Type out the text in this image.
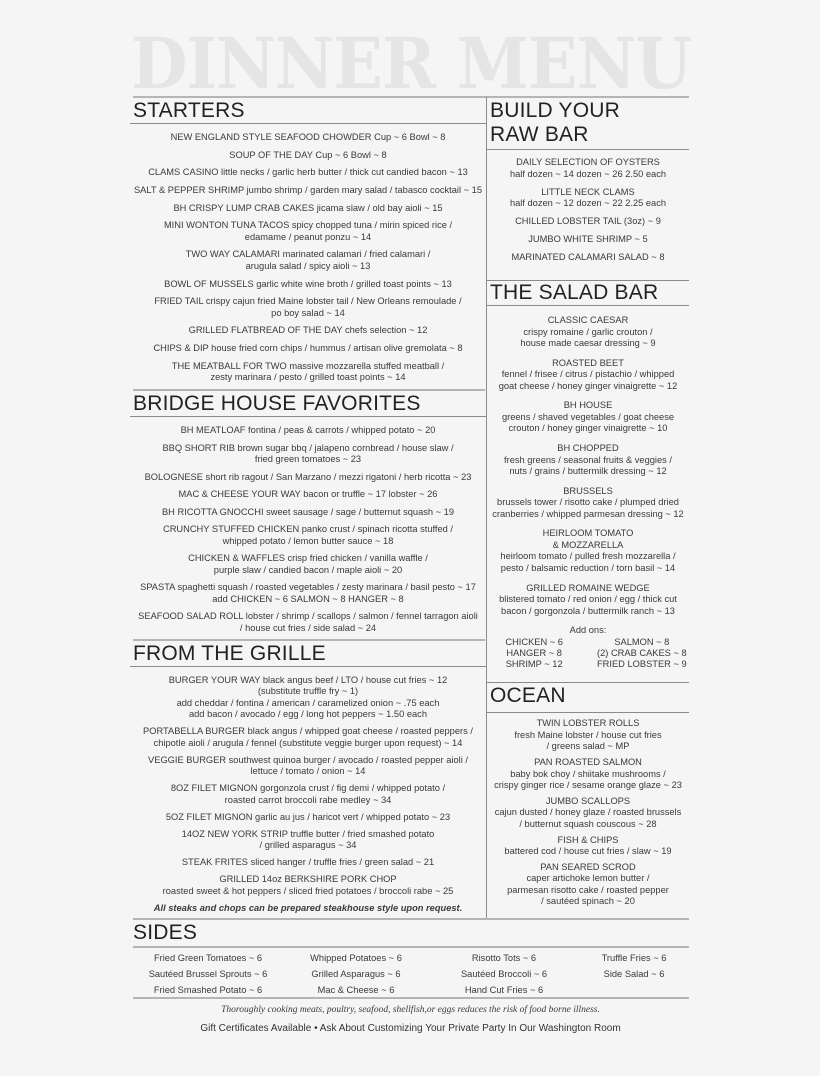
DINNER MENU
STARTERS
NEW ENGLAND STYLE SEAFOOD CHOWDER Cup ~ 6 Bowl ~ 8
SOUP OF THE DAY Cup ~ 6 Bowl ~ 8
CLAMS CASINO little necks / garlic herb butter / thick cut candied bacon ~ 13
SALT & PEPPER SHRIMP jumbo shrimp / garden mary salad / tabasco cocktail ~ 15
BH CRISPY LUMP CRAB CAKES jicama slaw / old bay aioli ~ 15
MINI WONTON TUNA TACOS spicy chopped tuna / mirin spiced rice /
edamame / peanut ponzu ~ 14
TWO WAY CALAMARI marinated calamari / fried calamari /
arugula salad / spicy aioli ~ 13
BOWL OF MUSSELS garlic white wine broth / grilled toast points ~ 13
FRIED TAIL crispy cajun fried Maine lobster tail / New Orleans remoulade /
po boy salad ~ 14
GRILLED FLATBREAD OF THE DAY chefs selection ~ 12
CHIPS & DIP house fried corn chips / hummus / artisan olive gremolata ~ 8
THE MEATBALL FOR TWO massive mozzarella stuffed meatball /
zesty marinara / pesto / grilled toast points ~ 14
BRIDGE HOUSE FAVORITES
BH MEATLOAF fontina / peas & carrots / whipped potato ~ 20
BBQ SHORT RIB brown sugar bbq / jalapeno cornbread / house slaw /
fried green tomatoes ~ 23
BOLOGNESE short rib ragout / San Marzano / mezzi rigatoni / herb ricotta ~ 23
MAC & CHEESE YOUR WAY bacon or truffle ~ 17 lobster ~ 26
BH RICOTTA GNOCCHI sweet sausage / sage / butternut squash ~ 19
CRUNCHY STUFFED CHICKEN panko crust / spinach ricotta stuffed /
whipped potato / lemon butter sauce ~ 18
CHICKEN & WAFFLES crisp fried chicken / vanilla waffle /
purple slaw / candied bacon / maple aioli ~ 20
SPASTA spaghetti squash / roasted vegetables / zesty marinara / basil pesto ~ 17
add CHICKEN ~ 6 SALMON ~ 8 HANGER ~ 8
SEAFOOD SALAD ROLL lobster / shrimp / scallops / salmon / fennel tarragon aioli
/ house cut fries / side salad ~ 24
FROM THE GRILLE
BURGER YOUR WAY black angus beef / LTO / house cut fries ~ 12
(substitute truffle fry ~ 1)
add cheddar / fontina / american / caramelized onion ~ .75 each
add bacon / avocado / egg / long hot peppers ~ 1.50 each
PORTABELLA BURGER black angus / whipped goat cheese / roasted peppers /
chipotle aioli / arugula / fennel (substitute veggie burger upon request) ~ 14
VEGGIE BURGER southwest quinoa burger / avocado / roasted pepper aioli /
lettuce / tomato / onion ~ 14
8OZ FILET MIGNON gorgonzola crust / fig demi / whipped potato /
roasted carrot broccoli rabe medley ~ 34
5OZ FILET MIGNON garlic au jus / haricot vert / whipped potato ~ 23
14OZ NEW YORK STRIP truffle butter / fried smashed potato
/ grilled asparagus ~ 34
STEAK FRITES sliced hanger / truffle fries / green salad ~ 21
GRILLED 14oz BERKSHIRE PORK CHOP
roasted sweet & hot peppers / sliced fried potatoes / broccoli rabe ~ 25
All steaks and chops can be prepared steakhouse style upon request.
BUILD YOUR
RAW BAR
DAILY SELECTION OF OYSTERS
half dozen ~ 14 dozen ~ 26 2.50 each
LITTLE NECK CLAMS
half dozen ~ 12 dozen ~ 22 2.25 each
CHILLED LOBSTER TAIL (3oz) ~ 9
JUMBO WHITE SHRIMP ~ 5
MARINATED CALAMARI SALAD ~ 8
THE SALAD BAR
CLASSIC CAESAR
crispy romaine / garlic crouton /
house made caesar dressing ~ 9
ROASTED BEET
fennel / frisee / citrus / pistachio / whipped
goat cheese / honey ginger vinaigrette ~ 12
BH HOUSE
greens / shaved vegetables / goat cheese
crouton / honey ginger vinaigrette ~ 10
BH CHOPPED
fresh greens / seasonal fruits & veggies /
nuts / grains / buttermilk dressing ~ 12
BRUSSELS
brussels tower / risotto cake / plumped dried
cranberries / whipped parmesan dressing ~ 12
HEIRLOOM TOMATO
& MOZZARELLA
heirloom tomato / pulled fresh mozzarella /
pesto / balsamic reduction / torn basil ~ 14
GRILLED ROMAINE WEDGE
blistered tomato / red onion / egg / thick cut
bacon / gorgonzola / buttermilk ranch ~ 13
Add ons:
CHICKEN ~ 6	SALMON ~ 8
HANGER ~ 8	(2) CRAB CAKES ~ 8
SHRIMP ~ 12	FRIED LOBSTER ~ 9
OCEAN
TWIN LOBSTER ROLLS
fresh Maine lobster / house cut fries
/ greens salad ~ MP
PAN ROASTED SALMON
baby bok choy / shiitake mushrooms /
crispy ginger rice / sesame orange glaze ~ 23
JUMBO SCALLOPS
cajun dusted / honey glaze / roasted brussels
/ butternut squash couscous ~ 28
FISH & CHIPS
battered cod / house cut fries / slaw ~ 19
PAN SEARED SCROD
caper artichoke lemon butter /
parmesan risotto cake / roasted pepper
/ sautéed spinach ~ 20
SIDES
Fried Green Tomatoes ~ 6	Whipped Potatoes ~ 6	Risotto Tots ~ 6	Truffle Fries ~ 6
Sautéed Brussel Sprouts ~ 6	Grilled Asparagus ~ 6	Sautéed Broccoli ~ 6	Side Salad ~ 6
Fried Smashed Potato ~ 6	Mac & Cheese ~ 6	Hand Cut Fries ~ 6
Thoroughly cooking meats, poultry, seafood, shellfish,or eggs reduces the risk of food borne illness.
Gift Certificates Available • Ask About Customizing Your Private Party In Our Washington Room
